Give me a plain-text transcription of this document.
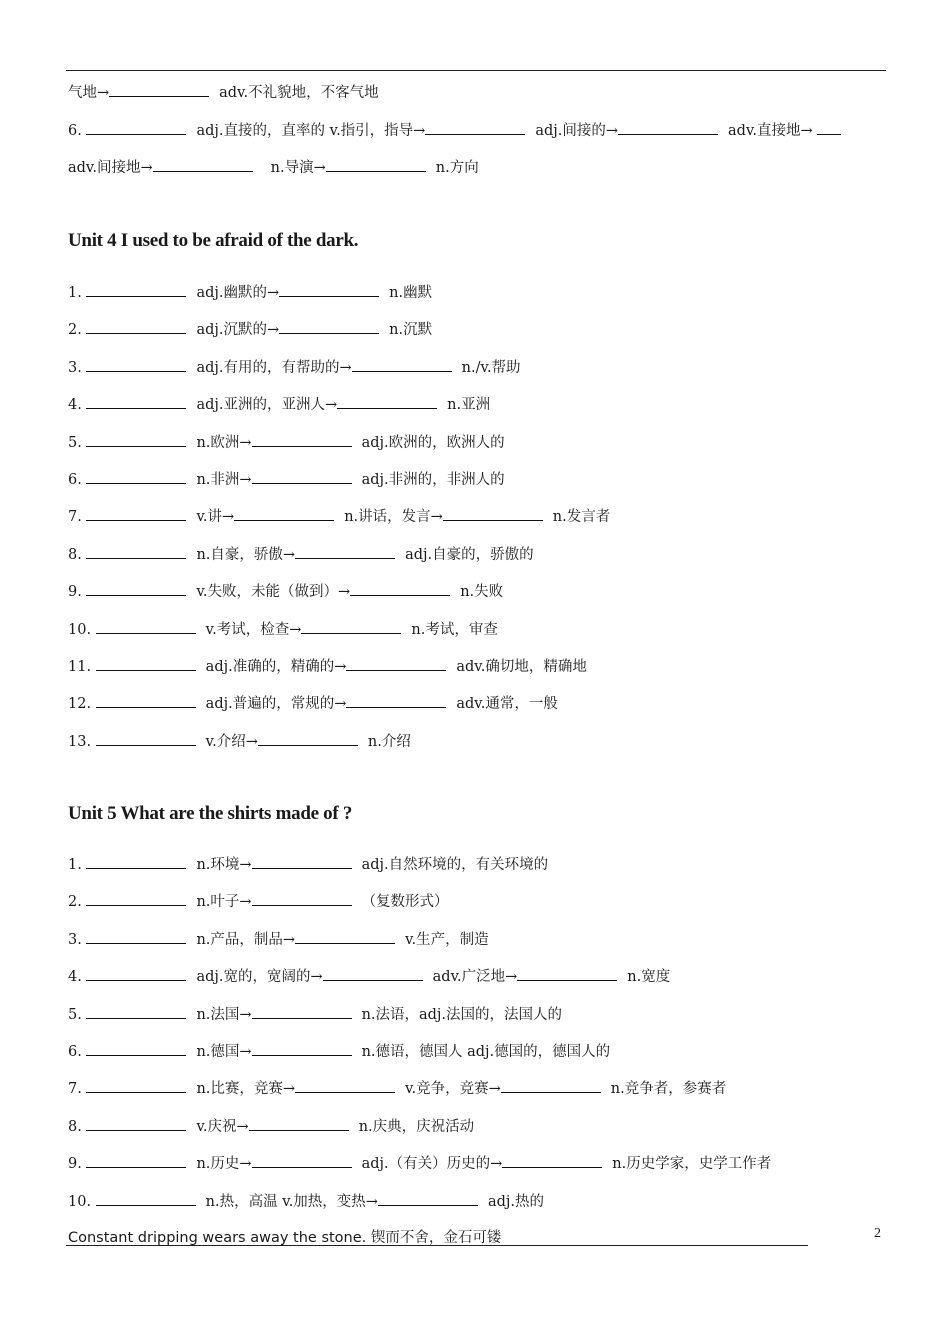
气地→	adv.不礼貌地，不客气地
6.	adj.直接的，直率的 v.指引，指导→	adj.间接的→	adv.直接地→
adv.间接地→	n.导演→	n.方向
Unit 4 I used to be afraid of the dark.
1.	adj.幽默的→	n.幽默
2.	adj.沉默的→	n.沉默
3.	adj.有用的，有帮助的→	n./v.帮助
4.	adj.亚洲的，亚洲人→	n.亚洲
5.	n.欧洲→	adj.欧洲的，欧洲人的
6.	n.非洲→	adj.非洲的，非洲人的
7.	v.讲→	n.讲话，发言→	n.发言者
8.	n.自豪，骄傲→	adj.自豪的，骄傲的
9.	v.失败，未能（做到）→	n.失败
10.	v.考试，检查→	n.考试，审查
11.	adj.准确的，精确的→	adv.确切地，精确地
12.	adj.普遍的，常规的→	adv.通常，一般
13.	v.介绍→	n.介绍
Unit 5 What are the shirts made of ?
1.	n.环境→	adj.自然环境的，有关环境的
2.	n.叶子→	（复数形式）
3.	n.产品，制品→	v.生产，制造
4.	adj.宽的，宽阔的→	adv.广泛地→	n.宽度
5.	n.法国→	n.法语，adj.法国的，法国人的
6.	n.德国→	n.德语，德国人 adj.德国的，德国人的
7.	n.比赛，竞赛→	v.竞争，竞赛→	n.竞争者，参赛者
8.	v.庆祝→	n.庆典，庆祝活动
9.	n.历史→	adj.（有关）历史的→	n.历史学家，史学工作者
10.	n.热，高温 v.加热，变热→	adj.热的
Constant dripping wears away the stone. 锲而不舍，金石可镂	2
